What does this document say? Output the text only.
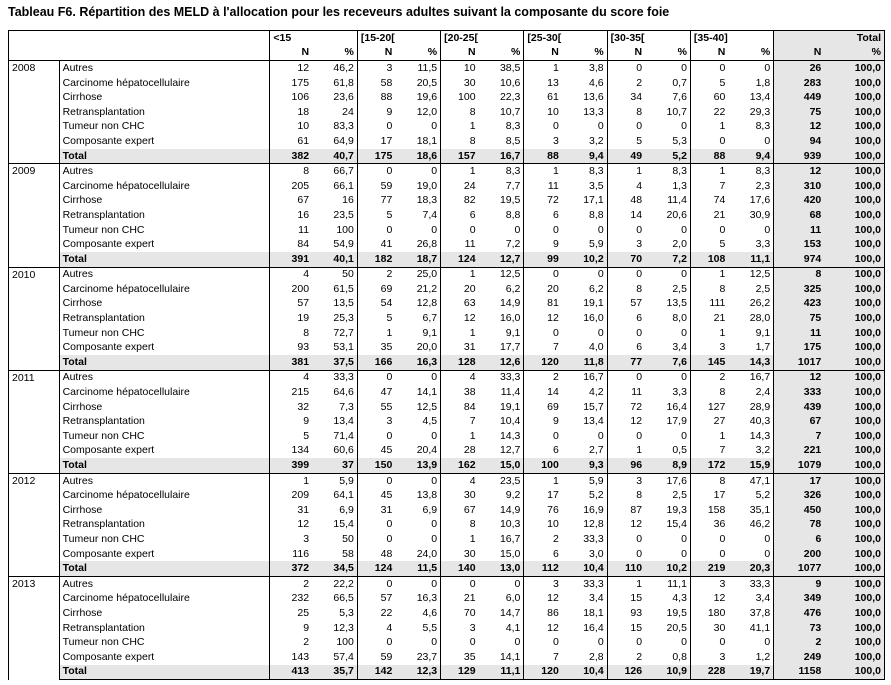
Tableau F6. Répartition des MELD à l'allocation pour les receveurs adultes suivant la composante du score foie
		<15		[15-20[		[20-25[		[25-30[		[30-35[		[35-40]		Total	
		N	%	N	%	N	%	N	%	N	%	N	%	N	%
2008	Autres	12	46,2	3	11,5	10	38,5	1	3,8	0	0	0	0	26	100,0
	Carcinome hépatocellulaire	175	61,8	58	20,5	30	10,6	13	4,6	2	0,7	5	1,8	283	100,0
	Cirrhose	106	23,6	88	19,6	100	22,3	61	13,6	34	7,6	60	13,4	449	100,0
	Retransplantation	18	24	9	12,0	8	10,7	10	13,3	8	10,7	22	29,3	75	100,0
	Tumeur non CHC	10	83,3	0	0	1	8,3	0	0	0	0	1	8,3	12	100,0
	Composante expert	61	64,9	17	18,1	8	8,5	3	3,2	5	5,3	0	0	94	100,0
	Total	382	40,7	175	18,6	157	16,7	88	9,4	49	5,2	88	9,4	939	100,0
2009	Autres	8	66,7	0	0	1	8,3	1	8,3	1	8,3	1	8,3	12	100,0
	Carcinome hépatocellulaire	205	66,1	59	19,0	24	7,7	11	3,5	4	1,3	7	2,3	310	100,0
	Cirrhose	67	16	77	18,3	82	19,5	72	17,1	48	11,4	74	17,6	420	100,0
	Retransplantation	16	23,5	5	7,4	6	8,8	6	8,8	14	20,6	21	30,9	68	100,0
	Tumeur non CHC	11	100	0	0	0	0	0	0	0	0	0	0	11	100,0
	Composante expert	84	54,9	41	26,8	11	7,2	9	5,9	3	2,0	5	3,3	153	100,0
	Total	391	40,1	182	18,7	124	12,7	99	10,2	70	7,2	108	11,1	974	100,0
2010	Autres	4	50	2	25,0	1	12,5	0	0	0	0	1	12,5	8	100,0
	Carcinome hépatocellulaire	200	61,5	69	21,2	20	6,2	20	6,2	8	2,5	8	2,5	325	100,0
	Cirrhose	57	13,5	54	12,8	63	14,9	81	19,1	57	13,5	111	26,2	423	100,0
	Retransplantation	19	25,3	5	6,7	12	16,0	12	16,0	6	8,0	21	28,0	75	100,0
	Tumeur non CHC	8	72,7	1	9,1	1	9,1	0	0	0	0	1	9,1	11	100,0
	Composante expert	93	53,1	35	20,0	31	17,7	7	4,0	6	3,4	3	1,7	175	100,0
	Total	381	37,5	166	16,3	128	12,6	120	11,8	77	7,6	145	14,3	1017	100,0
2011	Autres	4	33,3	0	0	4	33,3	2	16,7	0	0	2	16,7	12	100,0
	Carcinome hépatocellulaire	215	64,6	47	14,1	38	11,4	14	4,2	11	3,3	8	2,4	333	100,0
	Cirrhose	32	7,3	55	12,5	84	19,1	69	15,7	72	16,4	127	28,9	439	100,0
	Retransplantation	9	13,4	3	4,5	7	10,4	9	13,4	12	17,9	27	40,3	67	100,0
	Tumeur non CHC	5	71,4	0	0	1	14,3	0	0	0	0	1	14,3	7	100,0
	Composante expert	134	60,6	45	20,4	28	12,7	6	2,7	1	0,5	7	3,2	221	100,0
	Total	399	37	150	13,9	162	15,0	100	9,3	96	8,9	172	15,9	1079	100,0
2012	Autres	1	5,9	0	0	4	23,5	1	5,9	3	17,6	8	47,1	17	100,0
	Carcinome hépatocellulaire	209	64,1	45	13,8	30	9,2	17	5,2	8	2,5	17	5,2	326	100,0
	Cirrhose	31	6,9	31	6,9	67	14,9	76	16,9	87	19,3	158	35,1	450	100,0
	Retransplantation	12	15,4	0	0	8	10,3	10	12,8	12	15,4	36	46,2	78	100,0
	Tumeur non CHC	3	50	0	0	1	16,7	2	33,3	0	0	0	0	6	100,0
	Composante expert	116	58	48	24,0	30	15,0	6	3,0	0	0	0	0	200	100,0
	Total	372	34,5	124	11,5	140	13,0	112	10,4	110	10,2	219	20,3	1077	100,0
2013	Autres	2	22,2	0	0	0	0	3	33,3	1	11,1	3	33,3	9	100,0
	Carcinome hépatocellulaire	232	66,5	57	16,3	21	6,0	12	3,4	15	4,3	12	3,4	349	100,0
	Cirrhose	25	5,3	22	4,6	70	14,7	86	18,1	93	19,5	180	37,8	476	100,0
	Retransplantation	9	12,3	4	5,5	3	4,1	12	16,4	15	20,5	30	41,1	73	100,0
	Tumeur non CHC	2	100	0	0	0	0	0	0	0	0	0	0	2	100,0
	Composante expert	143	57,4	59	23,7	35	14,1	7	2,8	2	0,8	3	1,2	249	100,0
	Total	413	35,7	142	12,3	129	11,1	120	10,4	126	10,9	228	19,7	1158	100,0
